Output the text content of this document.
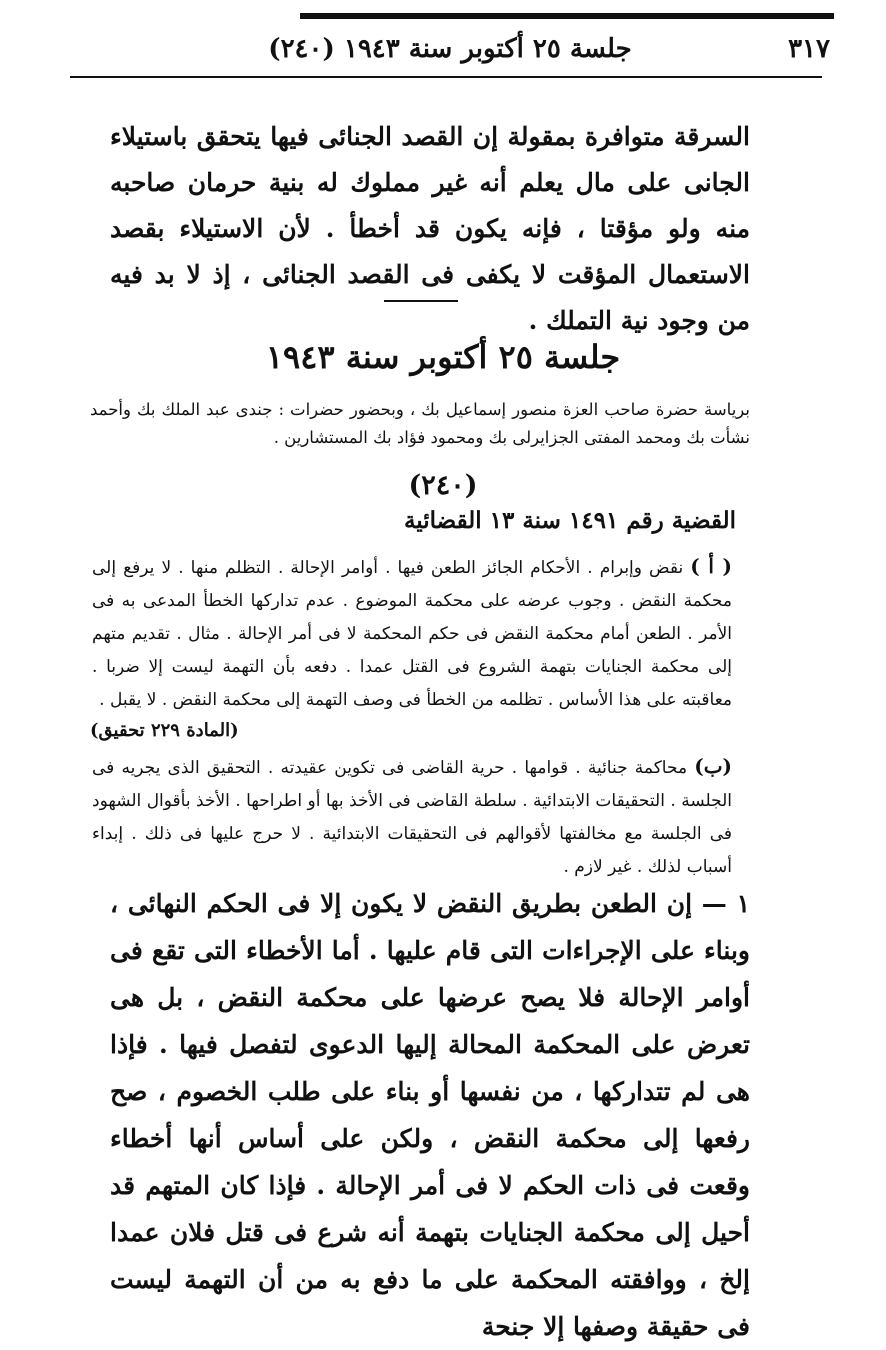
٣١٧
جلسة ٢٥ أكتوبر سنة ١٩٤٣ (٢٤٠)
السرقة متوافرة بمقولة إن القصد الجنائى فيها يتحقق باستيلاء الجانى على مال يعلم أنه غير مملوك له بنية حرمان صاحبه منه ولو مؤقتا ، فإنه يكون قد أخطأ . لأن الاستيلاء بقصد الاستعمال المؤقت لا يكفى فى القصد الجنائى ، إذ لا بد فيه من وجود نية التملك .
جلسة ٢٥ أكتوبر سنة ١٩٤٣
برياسة حضرة صاحب العزة منصور إسماعيل بك ، وبحضور حضرات : جندى عبد الملك بك وأحمد نشأت بك ومحمد المفتى الجزايرلى بك ومحمود فؤاد بك المستشارين .
(٢٤٠)
القضية رقم ١٤٩١ سنة ١٣ القضائية
( أ ) نقض وإبرام . الأحكام الجائز الطعن فيها . أوامر الإحالة . التظلم منها . لا يرفع إلى محكمة النقض . وجوب عرضه على محكمة الموضوع . عدم تداركها الخطأ المدعى به فى الأمر . الطعن أمام محكمة النقض فى حكم المحكمة لا فى أمر الإحالة . مثال . تقديم متهم إلى محكمة الجنايات بتهمة الشروع فى القتل عمدا . دفعه بأن التهمة ليست إلا ضربا . معاقبته على هذا الأساس . تظلمه من الخطأ فى وصف التهمة إلى محكمة النقض . لا يقبل .
(المادة ٢٢٩ تحقيق)
(ب) محاكمة جنائية . قوامها . حرية القاضى فى تكوين عقيدته . التحقيق الذى يجريه فى الجلسة . التحقيقات الابتدائية . سلطة القاضى فى الأخذ بها أو اطراحها . الأخذ بأقوال الشهود فى الجلسة مع مخالفتها لأقوالهم فى التحقيقات الابتدائية . لا حرج عليها فى ذلك . إبداء أسباب لذلك . غير لازم .
١ — إن الطعن بطريق النقض لا يكون إلا فى الحكم النهائى ، وبناء على الإجراءات التى قام عليها . أما الأخطاء التى تقع فى أوامر الإحالة فلا يصح عرضها على محكمة النقض ، بل هى تعرض على المحكمة المحالة إليها الدعوى لتفصل فيها . فإذا هى لم تتداركها ، من نفسها أو بناء على طلب الخصوم ، صح رفعها إلى محكمة النقض ، ولكن على أساس أنها أخطاء وقعت فى ذات الحكم لا فى أمر الإحالة . فإذا كان المتهم قد أحيل إلى محكمة الجنايات بتهمة أنه شرع فى قتل فلان عمدا إلخ ، ووافقته المحكمة على ما دفع به من أن التهمة ليست فى حقيقة وصفها إلا جنحة
